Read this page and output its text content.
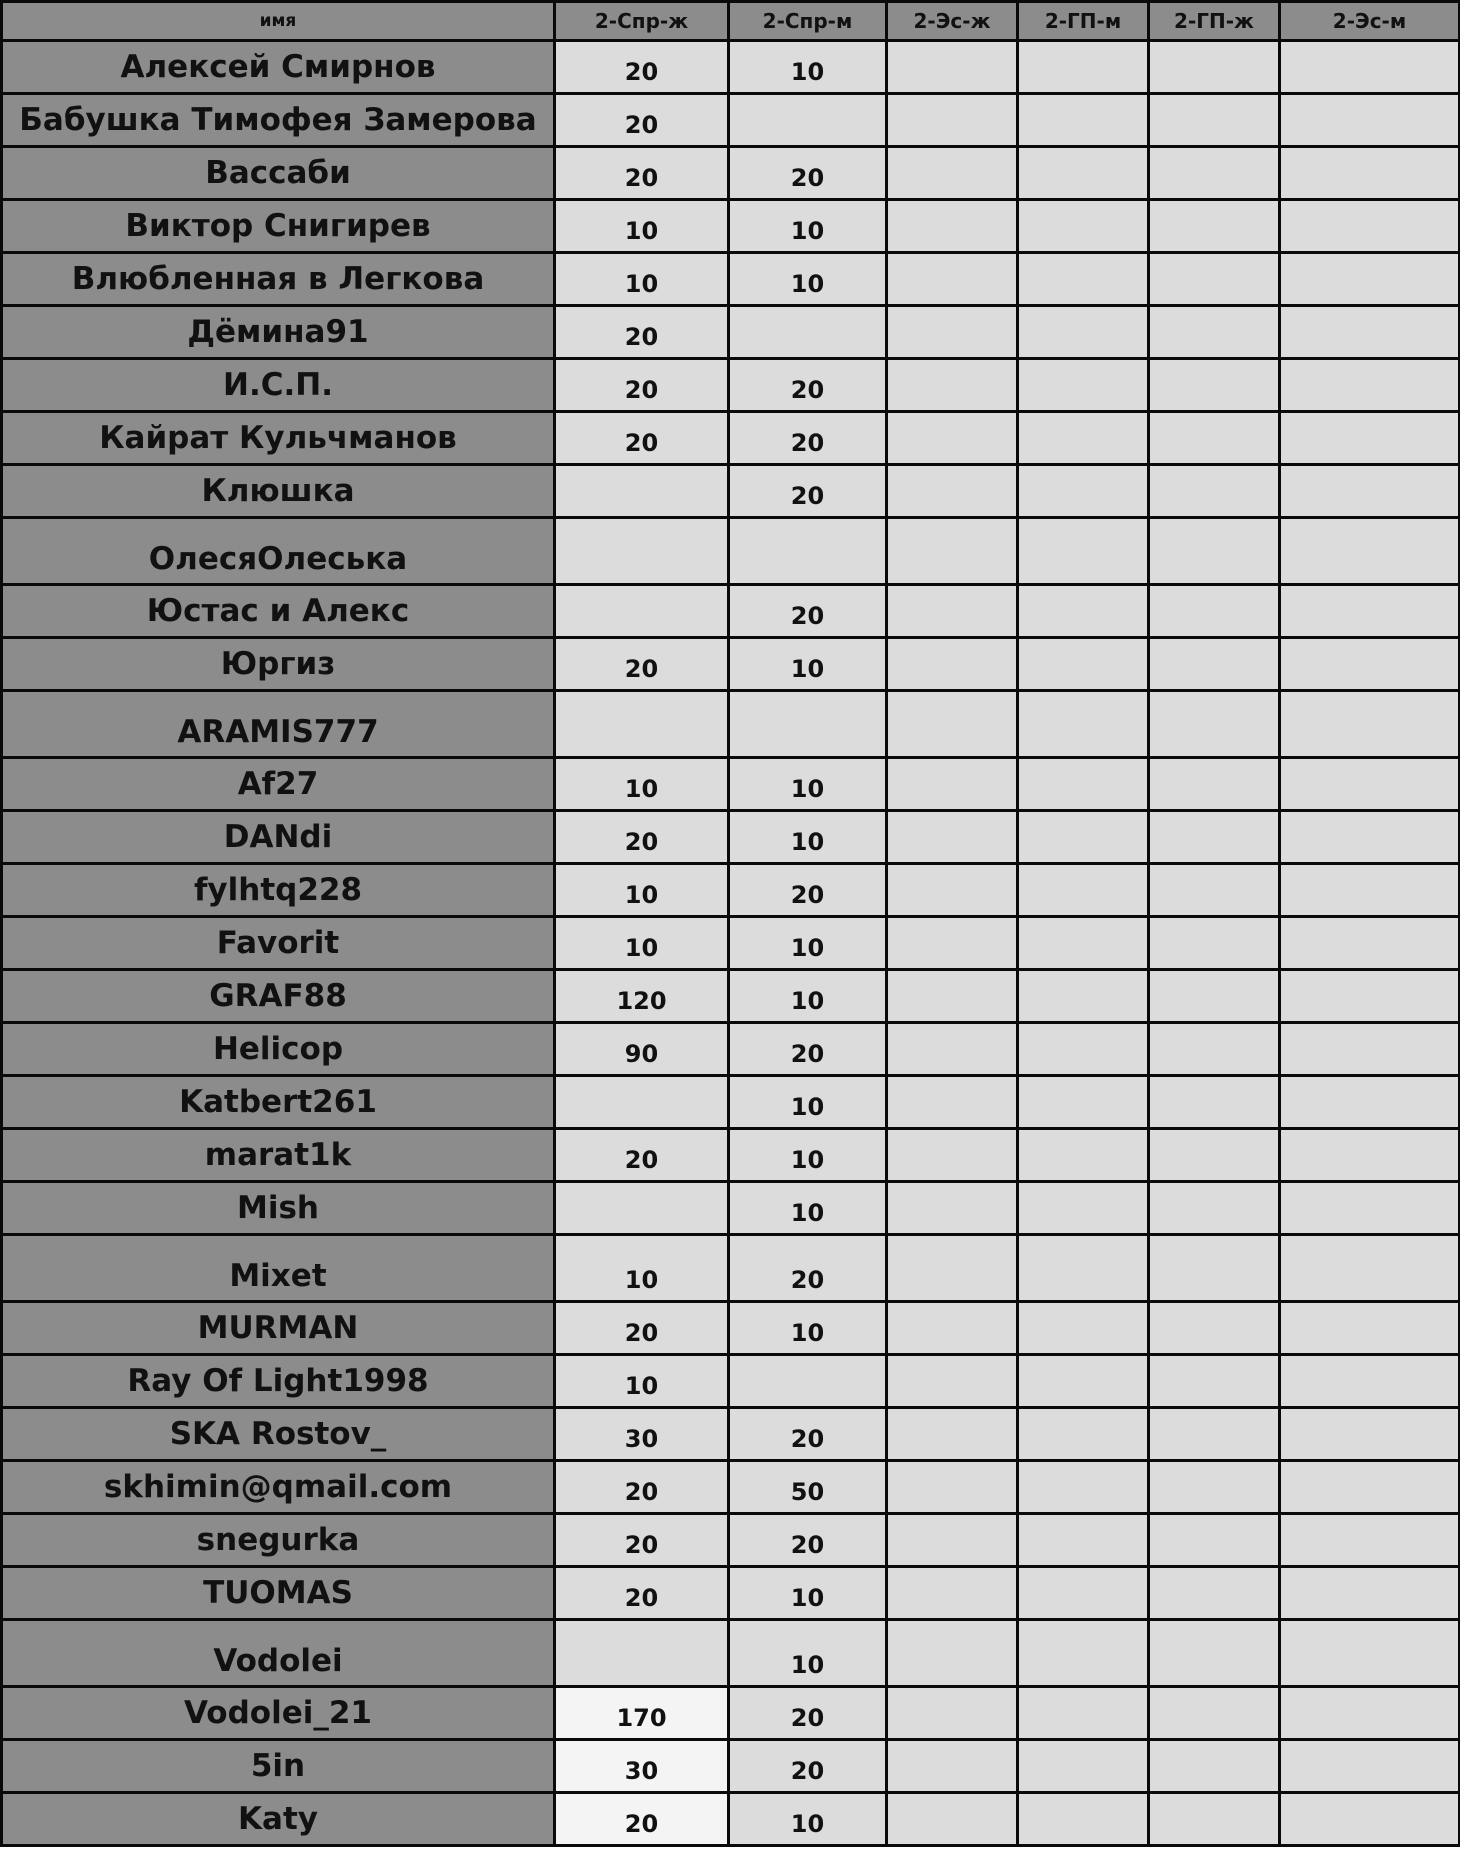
имя	2-Спр-ж	2-Спр-м	2-Эс-ж	2-ГП-м	2-ГП-ж	2-Эс-м
Алексей Смирнов	20	10				
Бабушка Тимофея Замерова	20					
Вассаби	20	20				
Виктор Снигирев	10	10				
Влюбленная в Легкова	10	10				
Дёмина91	20					
И.С.П.	20	20				
Кайрат Кульчманов	20	20				
Клюшка		20				
ОлесяОлеська						
Юстас и Алекс		20				
Юргиз	20	10				
ARAMIS777						
Af27	10	10				
DANdi	20	10				
fylhtq228	10	20				
Favorit	10	10				
GRAF88	120	10				
Helicop	90	20				
Katbert261		10				
marat1k	20	10				
Mish		10				
Mixet	10	20				
MURMAN	20	10				
Ray Of Light1998	10					
SKA Rostov_	30	20				
skhimin@qmail.com	20	50				
snegurka	20	20				
TUOMAS	20	10				
Vodolei		10				
Vodolei_21	170	20				
5in	30	20				
Katy	20	10				
